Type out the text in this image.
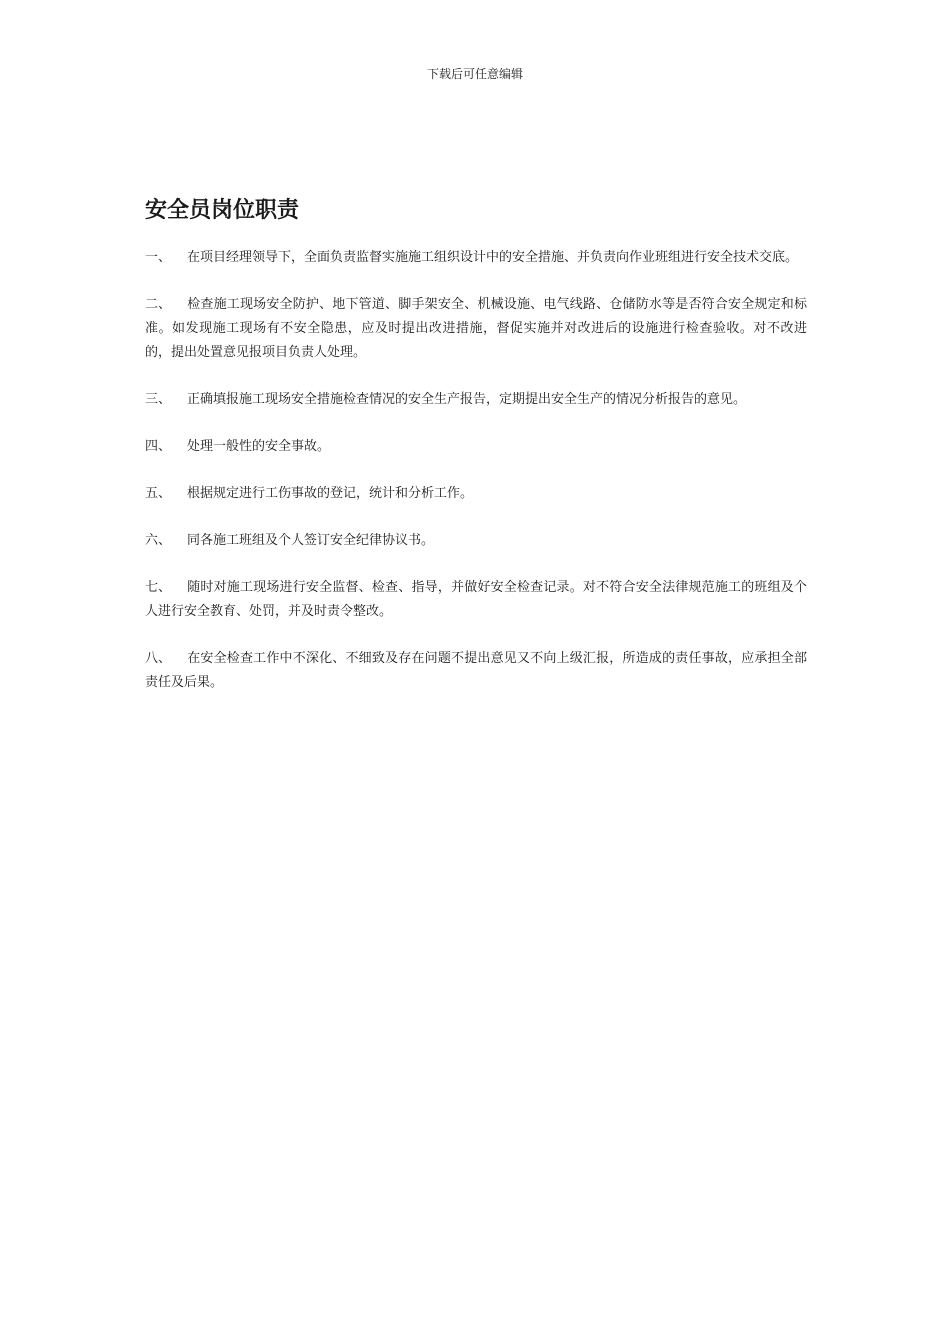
下载后可任意编辑
安全员岗位职责
一、 在项目经理领导下，全面负责监督实施施工组织设计中的安全措施、并负责向作业班组进行安全技术交底。
二、 检查施工现场安全防护、地下管道、脚手架安全、机械设施、电气线路、仓储防水等是否符合安全规定和标准。如发现施工现场有不安全隐患，应及时提出改进措施，督促实施并对改进后的设施进行检查验收。对不改进的，提出处置意见报项目负责人处理。
三、 正确填报施工现场安全措施检查情况的安全生产报告，定期提出安全生产的情况分析报告的意见。
四、 处理一般性的安全事故。
五、 根据规定进行工伤事故的登记，统计和分析工作。
六、 同各施工班组及个人签订安全纪律协议书。
七、 随时对施工现场进行安全监督、检查、指导，并做好安全检查记录。对不符合安全法律规范施工的班组及个人进行安全教育、处罚，并及时责令整改。
八、 在安全检查工作中不深化、不细致及存在问题不提出意见又不向上级汇报，所造成的责任事故，应承担全部责任及后果。
